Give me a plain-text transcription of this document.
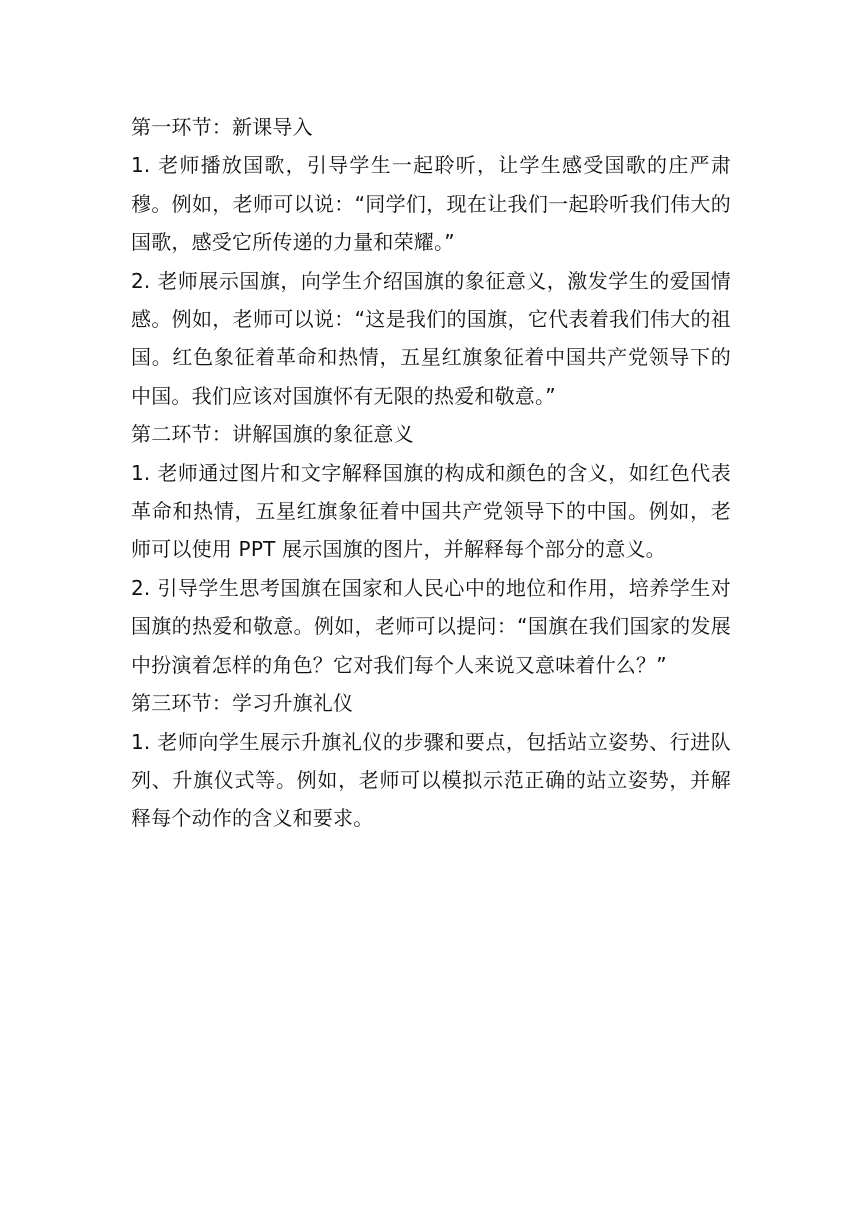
第一环节：新课导入

1. 老师播放国歌，引导学生一起聆听，让学生感受国歌的庄严肃穆。例如，老师可以说：“同学们，现在让我们一起聆听我们伟大的国歌，感受它所传递的力量和荣耀。”

2. 老师展示国旗，向学生介绍国旗的象征意义，激发学生的爱国情感。例如，老师可以说：“这是我们的国旗，它代表着我们伟大的祖国。红色象征着革命和热情，五星红旗象征着中国共产党领导下的中国。我们应该对国旗怀有无限的热爱和敬意。”

第二环节：讲解国旗的象征意义

1. 老师通过图片和文字解释国旗的构成和颜色的含义，如红色代表革命和热情，五星红旗象征着中国共产党领导下的中国。例如，老师可以使用 PPT 展示国旗的图片，并解释每个部分的意义。

2. 引导学生思考国旗在国家和人民心中的地位和作用，培养学生对国旗的热爱和敬意。例如，老师可以提问：“国旗在我们国家的发展中扮演着怎样的角色？它对我们每个人来说又意味着什么？”

第三环节：学习升旗礼仪

1. 老师向学生展示升旗礼仪的步骤和要点，包括站立姿势、行进队列、升旗仪式等。例如，老师可以模拟示范正确的站立姿势，并解释每个动作的含义和要求。
